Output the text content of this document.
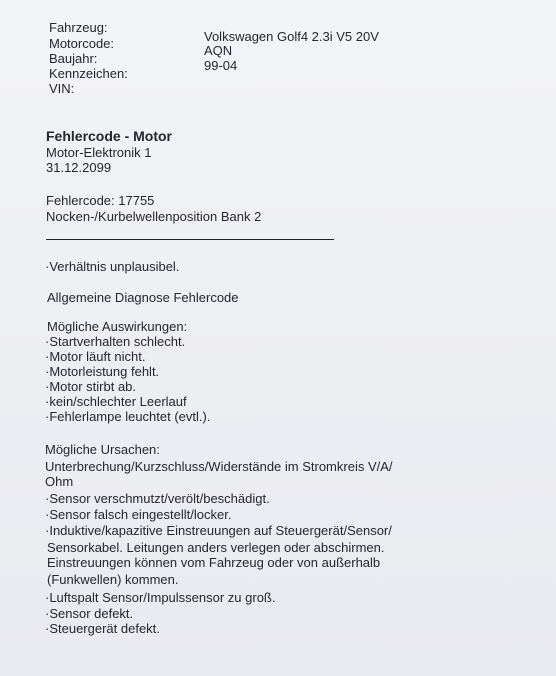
Fahrzeug:
Motorcode:
Baujahr:
Kennzeichen:
VIN:
Volkswagen Golf4 2.3i V5 20V
AQN
99-04
Fehlercode - Motor
Motor-Elektronik 1
31.12.2099
Fehlercode: 17755
Nocken-/Kurbelwellenposition Bank 2
·Verhältnis unplausibel.
Allgemeine Diagnose Fehlercode
Mögliche Auswirkungen:
·Startverhalten schlecht.
·Motor läuft nicht.
·Motorleistung fehlt.
·Motor stirbt ab.
·kein/schlechter Leerlauf
·Fehlerlampe leuchtet (evtl.).
Mögliche Ursachen:
Unterbrechung/Kurzschluss/Widerstände im Stromkreis V/A/
Ohm
·Sensor verschmutzt/verölt/beschädigt.
·Sensor falsch eingestellt/locker.
·Induktive/kapazitive Einstreuungen auf Steuergerät/Sensor/
Sensorkabel. Leitungen anders verlegen oder abschirmen.
Einstreuungen können vom Fahrzeug oder von außerhalb
(Funkwellen) kommen.
·Luftspalt Sensor/Impulssensor zu groß.
·Sensor defekt.
·Steuergerät defekt.
